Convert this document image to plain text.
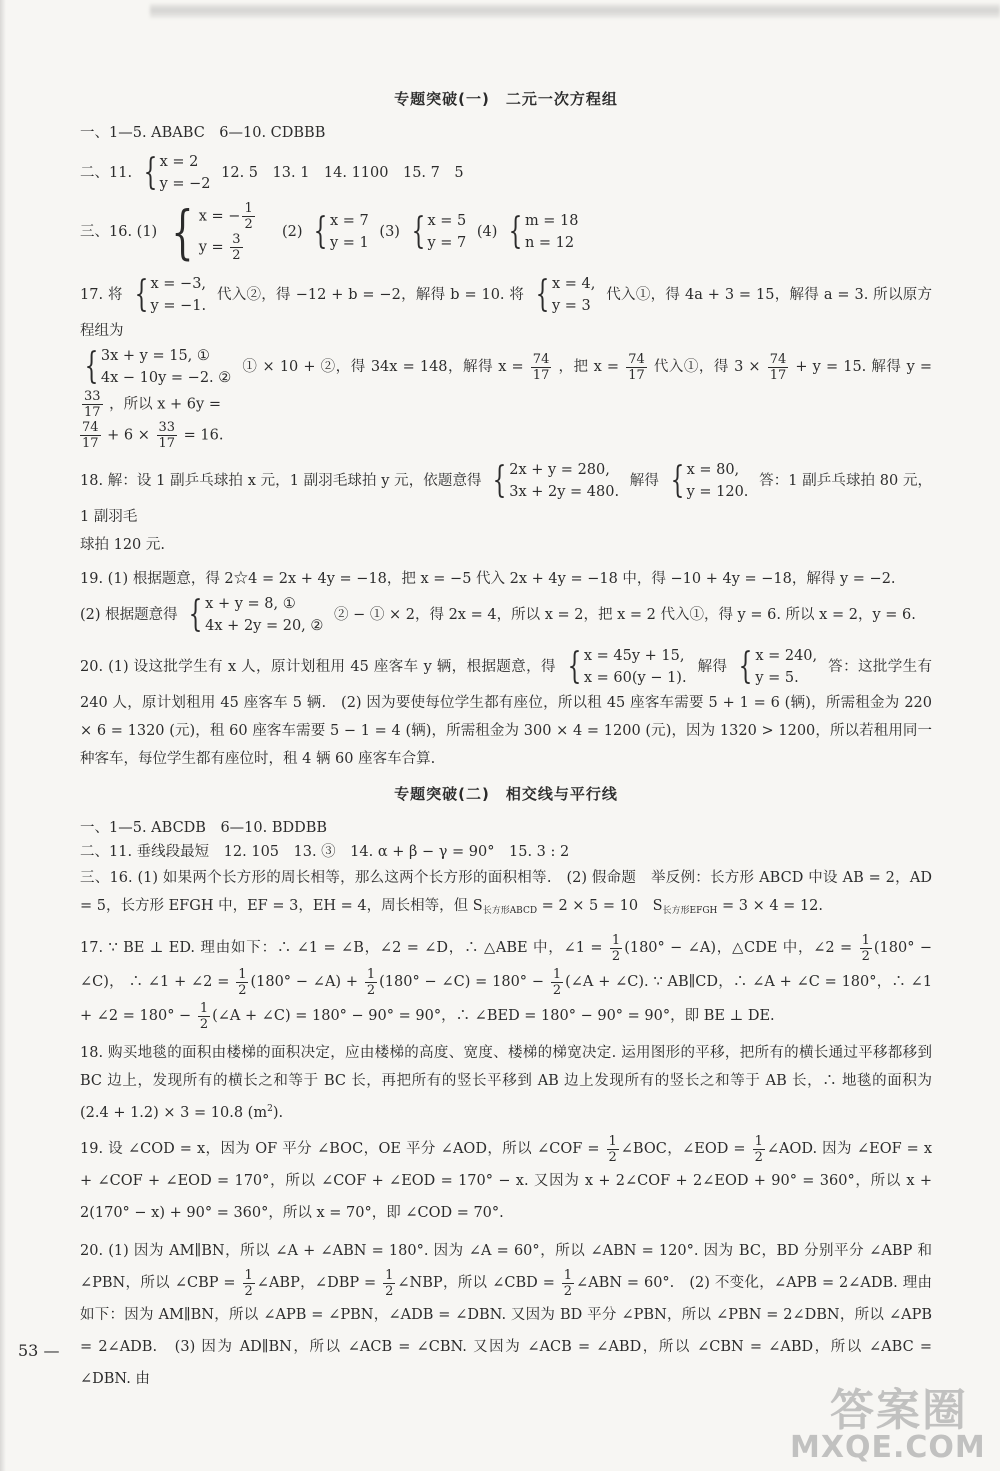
专题突破(一)　二元一次方程组
一、1—5. ABABC　6—10. CDBBB
二、11. { x = 2
y = −2
12. 5　13. 1　14. 1100　15. 7　5
三、16. (1) { x = − $\frac{1}{2}$
$y = \frac{3}{2}$	(2) { x = 7
y = 1
(3) { x = 5
y = 7
(4) { m = 18
n = 12
17. 将 { x = −3,
y = −1.
代入②，得 −12 + b = −2，解得 b = 10. 将 { x = 4,
y = 3
代入①，得 4a + 3 = 15，解得 a = 3. 所以原方程组为

{ 3x + y = 15, ①
4x − 10y = −2. ②
① × 10 + ②，得 34x = 148，解得 $x = \frac{74}{17}$ ，把 $x = \frac{74}{17}$ 代入①，得 $3 \times \frac{74}{17} + y = 15$. 解得 y =
$\frac{33}{17}$ ，所以 x + 6y =

$\frac{74}{17} + 6 \times \frac{33}{17} = 16$.
18. 解：设 1 副乒乓球拍 x 元，1 副羽毛球拍 y 元，依题意得 { 2x + y = 280,
3x + 2y = 480.
解得 { x = 80,
y = 120.
答：1 副乒乓球拍 80 元，1 副羽毛
球拍 120 元.
19. (1) 根据题意，得 2☆4 = 2x + 4y = −18，把 x = −5 代入 2x + 4y = −18 中，得 −10 + 4y = −18，解得 y = −2.
(2) 根据题意得 { x + y = 8, ①
4x + 2y = 20, ②
② − ① × 2，得 2x = 4，所以 x = 2，把 x = 2 代入①，得 y = 6. 所以 x = 2，y = 6.
20. (1) 设这批学生有 x 人，原计划租用 45 座客车 y 辆，根据题意，得 { x = 45y + 15,
x = 60(y − 1).
解得 { x = 240,
y = 5.
答：这批学生有 240 人，原计划租用 45 座客车 5 辆.　(2) 因为要使每位学生都有座位，所以租 45 座客车需要 5 + 1 = 6 (辆)，所需租金为 220 × 6 = 1320 (元)，租 60 座客车需要 5 − 1 = 4 (辆)，所需租金为 300 × 4 = 1200 (元)，因为 1320 > 1200，所以若租用同一种客车，每位学生都有座位时，租 4 辆 60 座客车合算.
专题突破(二)　相交线与平行线
一、1—5. ABCDB　6—10. BDDBB
二、11. 垂线段最短　12. 105　13. ③　14. α + β − γ = 90°　15. 3 : 2
三、16. (1) 如果两个长方形的周长相等，那么这两个长方形的面积相等.　(2) 假命题　举反例：长方形 ABCD 中设 AB = 2，AD = 5，长方形 EFGH 中，EF = 3，EH = 4，周长相等，但 $S_{长方形ABCD} = 2 \times 5 = 10$　$S_{长方形EFGH} = 3 \times 4 = 12$.
17. ∵ BE ⊥ ED. 理由如下：∴ ∠1 = ∠B，∠2 = ∠D，∴ △ABE 中，∠1 = $\frac{1}{2} (180^\circ$ − ∠A)，△CDE 中，∠2 = $\frac{1}{2} (180^\circ$ − ∠C)， ∴ ∠1 + ∠2 = $\frac{1}{2} (180^\circ$ − ∠A) + $\frac{1}{2} (180^\circ$ − ∠C) = $180^\circ - \frac{1}{2}$ (∠A + ∠C). ∵ AB∥CD，∴ ∠A + ∠C = 180°，∴ ∠1 + ∠2 = $180^\circ - \frac{1}{2}$ (∠A + ∠C) = 180° − 90° = 90°，∴ ∠BED = 180° − 90° = 90°，即 BE ⊥ DE.
18. 购买地毯的面积由楼梯的面积决定，应由楼梯的高度、宽度、楼梯的梯宽决定. 运用图形的平移，把所有的横长通过平移都移到 BC 边上，发现所有的横长之和等于 BC 长，再把所有的竖长平移到 AB 边上发现所有的竖长之和等于 AB 长，∴ 地毯的面积为 (2.4 + 1.2) × 3 = 10.8 $(m^2)$.
19. 设 ∠COD = x，因为 OF 平分 ∠BOC，OE 平分 ∠AOD，所以 ∠COF = $\frac{1}{2}$ ∠BOC，∠EOD = $\frac{1}{2}$ ∠AOD. 因为 ∠EOF = x + ∠COF + ∠EOD = 170°，所以 ∠COF + ∠EOD = 170° − x. 又因为 x + 2∠COF + 2∠EOD + 90° = 360°，所以 x + 2(170° − x) + 90° = 360°，所以 x = 70°，即 ∠COD = 70°.
20. (1) 因为 AM∥BN，所以 ∠A + ∠ABN = 180°. 因为 ∠A = 60°，所以 ∠ABN = 120°. 因为 BC，BD 分别平分 ∠ABP 和 ∠PBN，所以 ∠CBP = $\frac{1}{2}$ ∠ABP，∠DBP = $\frac{1}{2}$ ∠NBP，所以 ∠CBD = $\frac{1}{2}$ ∠ABN = 60°.　(2) 不变化，∠APB = 2∠ADB. 理由如下：因为 AM∥BN，所以 ∠APB = ∠PBN，∠ADB = ∠DBN. 又因为 BD 平分 ∠PBN，所以 ∠PBN = 2∠DBN，所以 ∠APB = 2∠ADB.　(3) 因为 AD∥BN，所以 ∠ACB = ∠CBN. 又因为 ∠ACB = ∠ABD，所以 ∠CBN = ∠ABD，所以 ∠ABC = ∠DBN. 由
53 —
答案圈
MXQE.COM
